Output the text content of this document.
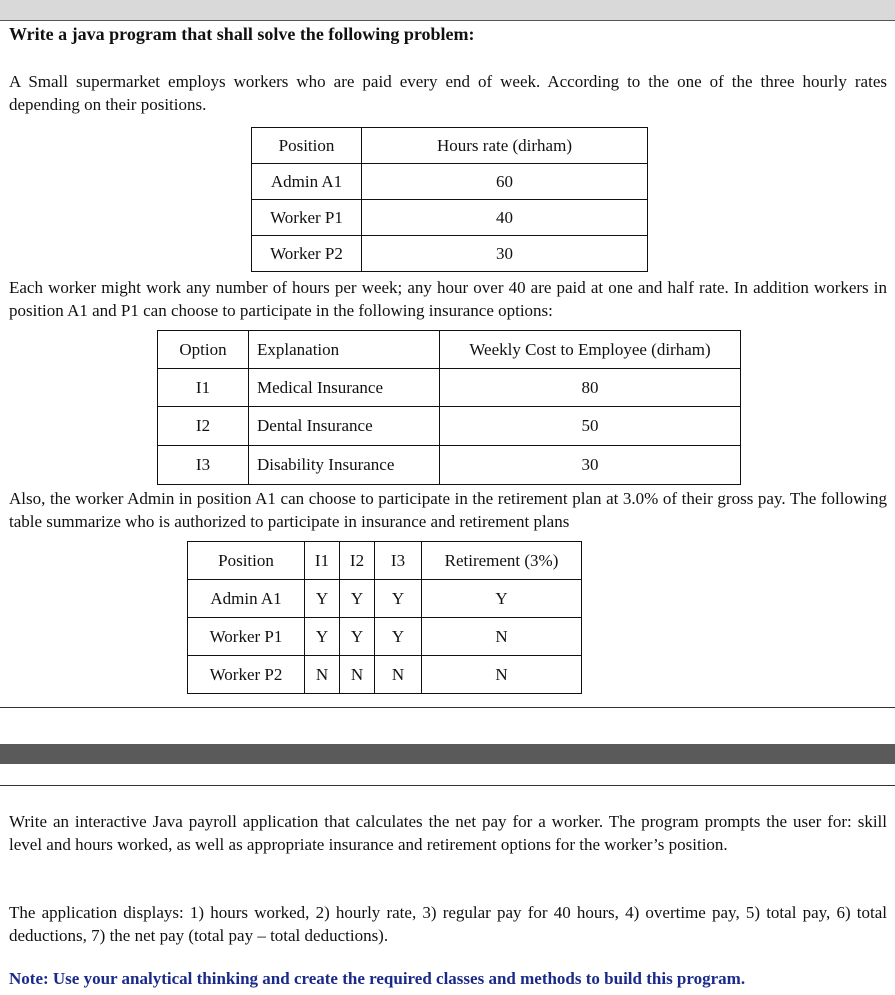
Write a java program that shall solve the following problem:

A Small supermarket employs workers who are paid every end of week. According to the one of the three hourly rates depending on their positions.

Position	Hours rate (dirham)
Admin A1	60
Worker P1	40
Worker P2	30

Each worker might work any number of hours per week; any hour over 40 are paid at one and half rate. In addition workers in position A1 and P1 can choose to participate in the following insurance options:

Option	Explanation	Weekly Cost to Employee (dirham)
I1	Medical Insurance	80
I2	Dental Insurance	50
I3	Disability Insurance	30

Also, the worker Admin in position A1 can choose to participate in the retirement plan at 3.0% of their gross pay. The following table summarize who is authorized to participate in insurance and retirement plans

Position	I1	I2	I3	Retirement (3%)
Admin A1	Y	Y	Y	Y
Worker P1	Y	Y	Y	N
Worker P2	N	N	N	N

Write an interactive Java payroll application that calculates the net pay for a worker. The program prompts the user for: skill level and hours worked, as well as appropriate insurance and retirement options for the worker’s position.

The application displays: 1) hours worked, 2) hourly rate, 3) regular pay for 40 hours, 4) overtime pay, 5) total pay, 6) total deductions, 7) the net pay (total pay – total deductions).

Note: Use your analytical thinking and create the required classes and methods to build this program.
